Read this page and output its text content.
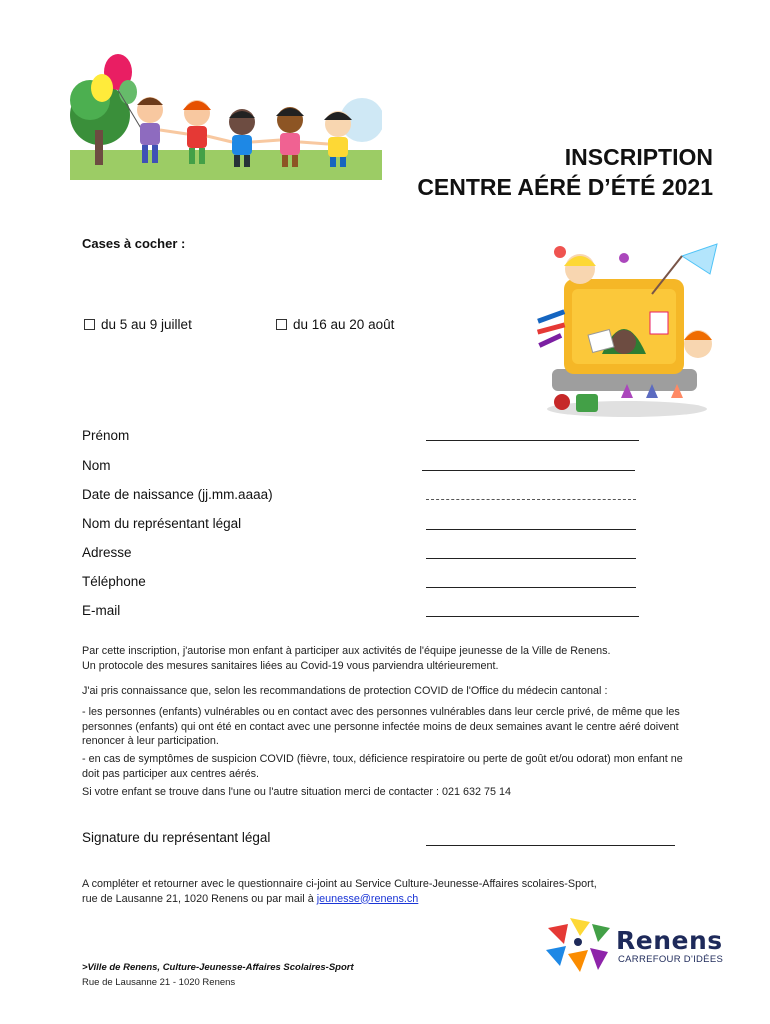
INSCRIPTION
CENTRE AÉRÉ D’ÉTÉ 2021
Cases à cocher :
du 5 au 9 juillet	du 16 au 20 août
Prénom
Nom
Date de naissance (jj.mm.aaaa)
Nom du représentant légal
Adresse
Téléphone
E-mail
Par cette inscription, j'autorise mon enfant à participer aux activités de l'équipe jeunesse de la Ville de Renens.
Un protocole des mesures sanitaires liées au Covid-19 vous parviendra ultérieurement.
J'ai pris connaissance que, selon les recommandations de protection COVID de l'Office du médecin cantonal :
- les personnes (enfants) vulnérables ou en contact avec des personnes vulnérables dans leur cercle privé, de même que les personnes (enfants) qui ont été en contact avec une personne infectée moins de deux semaines avant le centre aéré doivent renoncer à leur participation.
- en cas de symptômes de suspicion COVID (fièvre, toux, déficience respiratoire ou perte de goût et/ou odorat) mon enfant ne doit pas participer aux centres aérés.
Si votre enfant se trouve dans l'une ou l'autre situation merci de contacter : 021 632 75 14
Signature du représentant légal
A compléter et retourner avec le questionnaire ci-joint au Service Culture-Jeunesse-Affaires scolaires-Sport,
rue de Lausanne 21, 1020 Renens ou par mail à jeunesse@renens.ch
Renens
CARREFOUR D'IDÉES
>Ville de Renens, Culture-Jeunesse-Affaires Scolaires-Sport
Rue de Lausanne 21 - 1020 Renens
